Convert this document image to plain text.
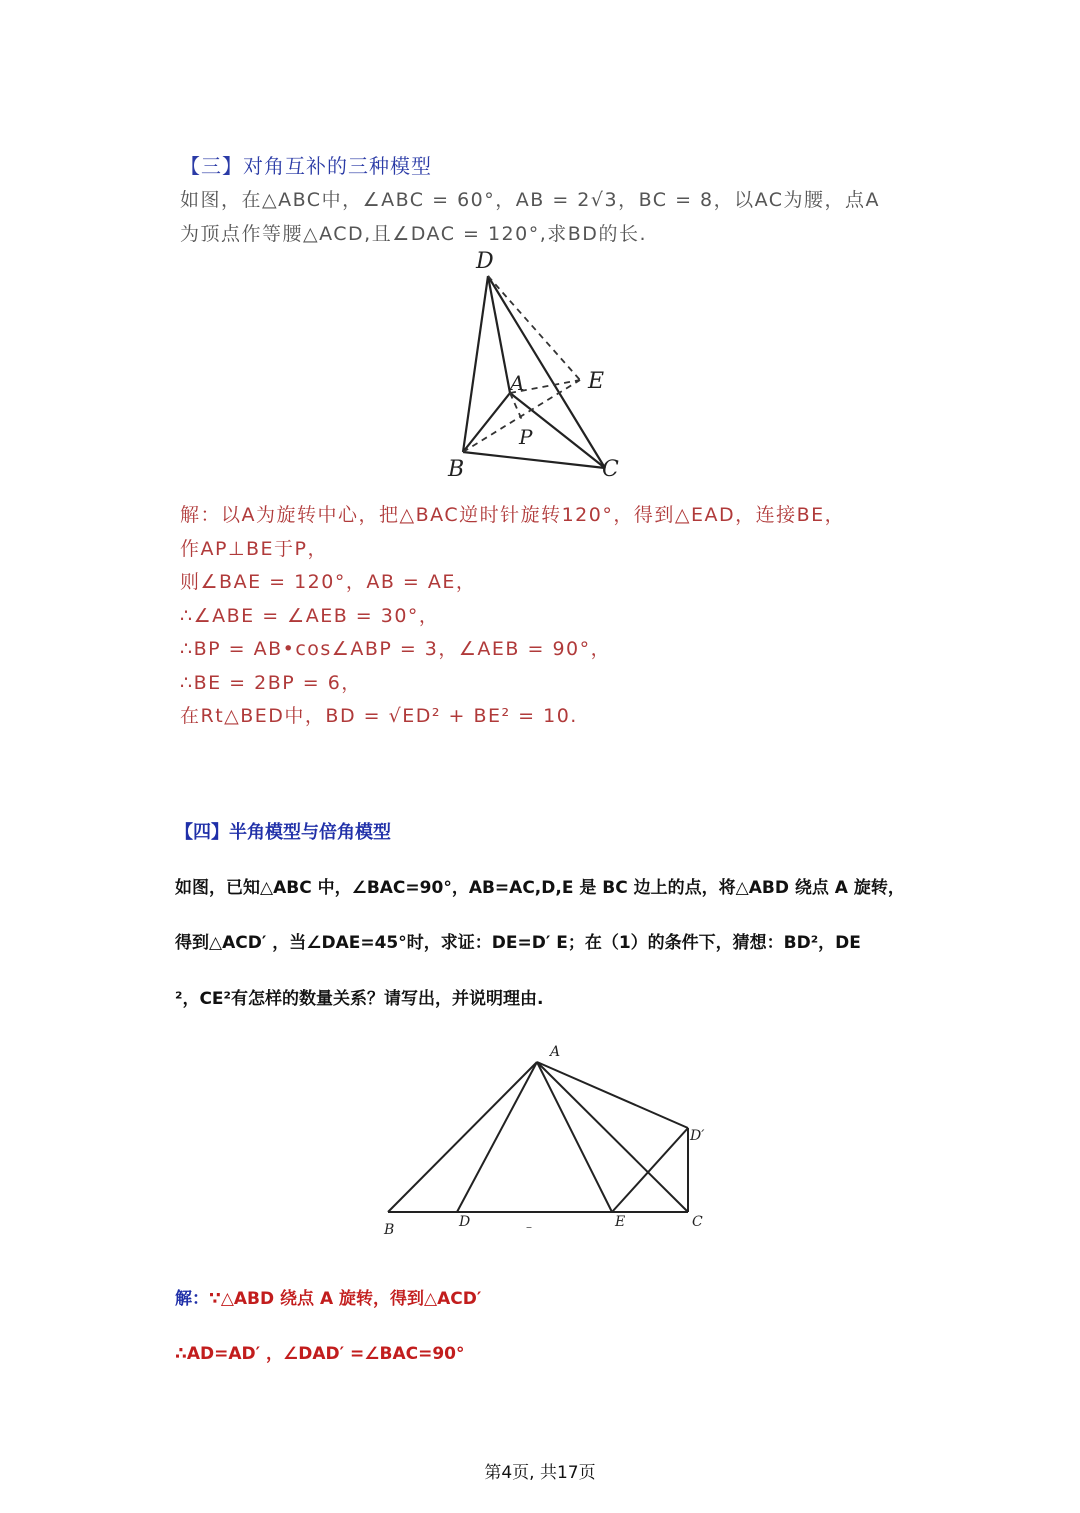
【三】对角互补的三种模型
如图，在△ABC中，∠ABC = 60°，AB = 2√3，BC = 8，以AC为腰，点A
为顶点作等腰△ACD,且∠DAC = 120°,求BD的长.
D
A	E
P
B	C
解：以A为旋转中心，把△BAC逆时针旋转120°，得到△EAD，连接BE，
作AP⊥BE于P，
则∠BAE = 120°，AB = AE，
∴∠ABE = ∠AEB = 30°，
∴BP = AB•cos∠ABP = 3，∠AEB = 90°，
∴BE = 2BP = 6，
在Rt△BED中，BD = √ED² + BE² = 10.
【四】半角模型与倍角模型
如图，已知△ABC 中，∠BAC=90°，AB=AC,D,E 是 BC 边上的点，将△ABD 绕点 A 旋转，
得到△ACD′ ，当∠DAE=45°时，求证：DE=D′ E；在（1）的条件下，猜想：BD²，DE
²，CE²有怎样的数量关系？请写出，并说明理由.
A
D′
B	D	–	E	C
解：∵△ABD 绕点 A 旋转，得到△ACD′
∴AD=AD′ ，∠DAD′ =∠BAC=90°
第4页, 共17页
